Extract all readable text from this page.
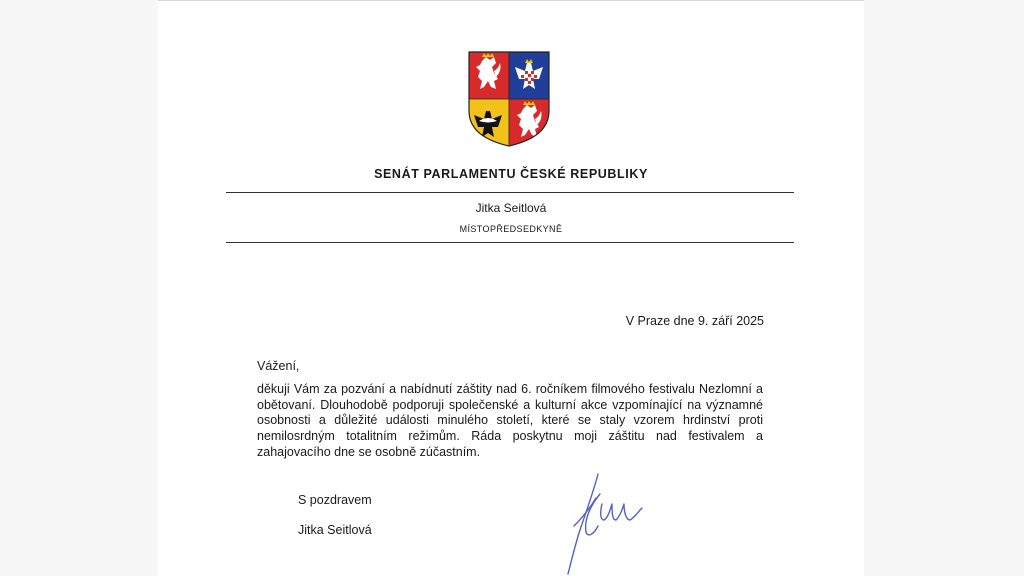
SENÁT PARLAMENTU ČESKÉ REPUBLIKY
Jitka Seitlová
MÍSTOPŘEDSEDKYNĚ
V Praze dne 9. září 2025
Vážení,
děkuji Vám za pozvání a nabídnutí záštity nad 6. ročníkem filmového festivalu Nezlomní a obětovaní. Dlouhodobě podporuji společenské a kulturní akce vzpomínající na významné osobnosti a důležité události minulého století, které se staly vzorem hrdinství proti nemilosrdným totalitním režimům. Ráda poskytnu moji záštitu nad festivalem a zahajovacího dne se osobně zúčastním.
S pozdravem
Jitka Seitlová
